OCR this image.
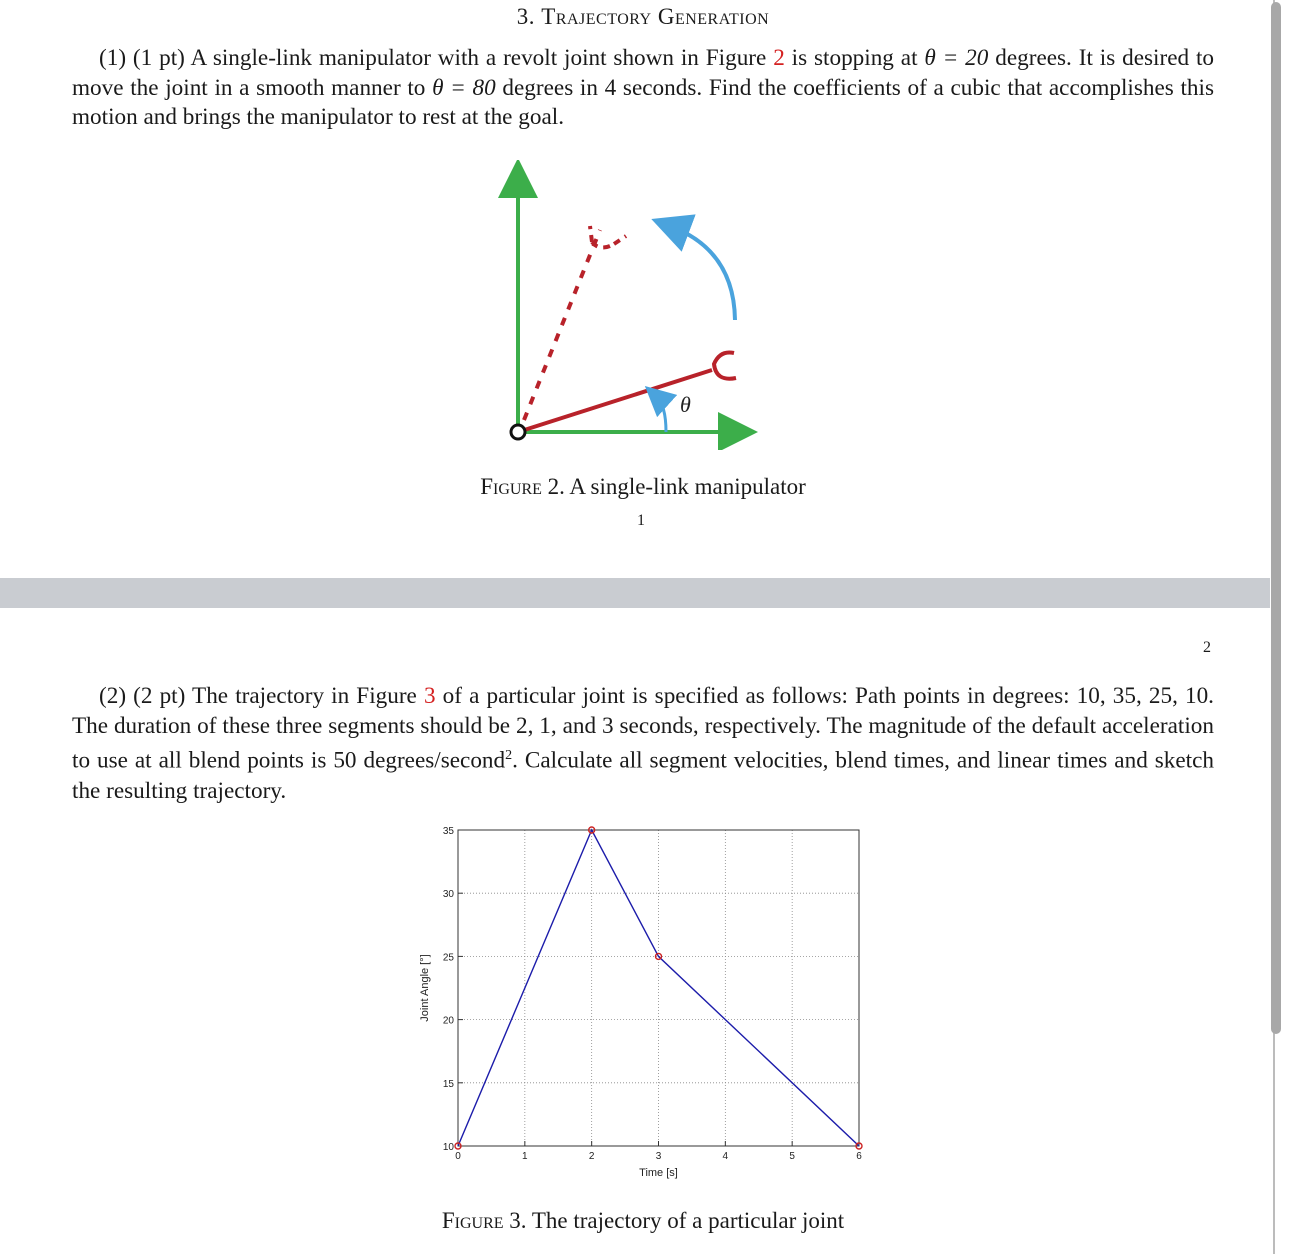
3. Trajectory Generation
(1) (1 pt) A single-link manipulator with a revolt joint shown in Figure 2 is stopping at θ = 20 degrees. It is desired to move the joint in a smooth manner to θ = 80 degrees in 4 seconds. Find the coefficients of a cubic that accomplishes this motion and brings the manipulator to rest at the goal.
θ
Figure 2. A single-link manipulator
1
2
(2) (2 pt) The trajectory in Figure 3 of a particular joint is specified as follows: Path points in degrees: 10, 35, 25, 10. The duration of these three segments should be 2, 1, and 3 seconds, respectively. The magnitude of the default acceleration to use at all blend points is 50 degrees/second$^2$. Calculate all segment velocities, blend times, and linear times and sketch the resulting trajectory.
0	1	2	3	4	5	6
10
15
20
25
30
35
Time [s]
Joint Angle [°]
Figure 3. The trajectory of a particular joint
